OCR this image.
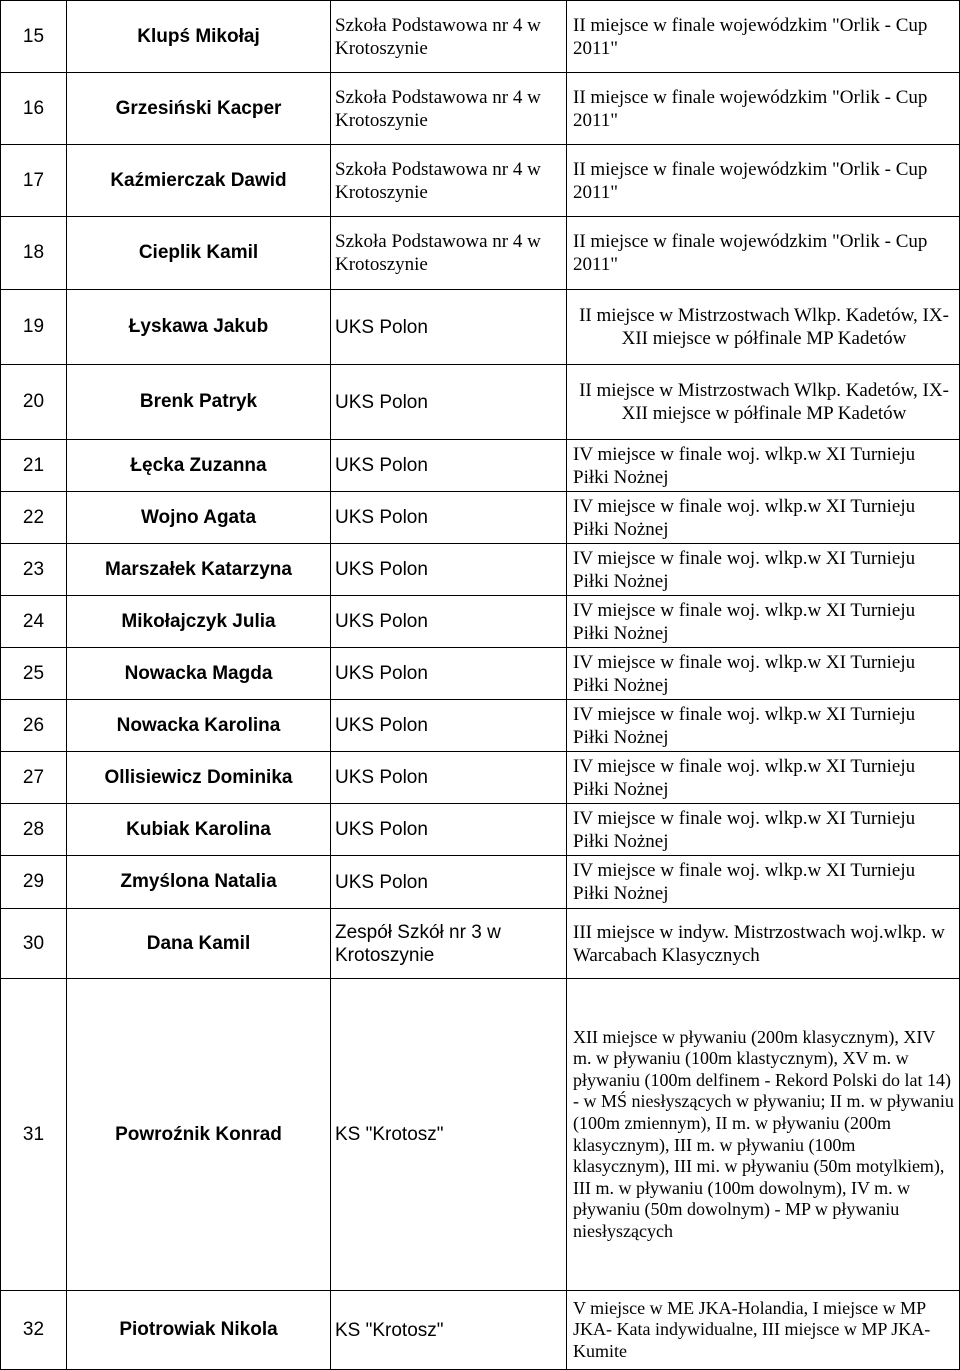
15	Klupś Mikołaj	Szkoła Podstawowa nr 4 w Krotoszynie	II miejsce w finale wojewódzkim "Orlik - Cup 2011"
16	Grzesiński Kacper	Szkoła Podstawowa nr 4 w Krotoszynie	II miejsce w finale wojewódzkim "Orlik - Cup 2011"
17	Kaźmierczak Dawid	Szkoła Podstawowa nr 4 w Krotoszynie	II miejsce w finale wojewódzkim "Orlik - Cup 2011"
18	Cieplik Kamil	Szkoła Podstawowa nr 4 w Krotoszynie	II miejsce w finale wojewódzkim "Orlik - Cup 2011"
19	Łyskawa Jakub	UKS Polon	II miejsce w Mistrzostwach Wlkp. Kadetów, IX-XII miejsce w półfinale MP Kadetów
20	Brenk Patryk	UKS Polon	II miejsce w Mistrzostwach Wlkp. Kadetów, IX-XII miejsce w półfinale MP Kadetów
21	Łęcka Zuzanna	UKS Polon	IV miejsce w finale woj. wlkp.w XI Turnieju Piłki Nożnej
22	Wojno Agata	UKS Polon	IV miejsce w finale woj. wlkp.w XI Turnieju Piłki Nożnej
23	Marszałek Katarzyna	UKS Polon	IV miejsce w finale woj. wlkp.w XI Turnieju Piłki Nożnej
24	Mikołajczyk Julia	UKS Polon	IV miejsce w finale woj. wlkp.w XI Turnieju Piłki Nożnej
25	Nowacka Magda	UKS Polon	IV miejsce w finale woj. wlkp.w XI Turnieju Piłki Nożnej
26	Nowacka Karolina	UKS Polon	IV miejsce w finale woj. wlkp.w XI Turnieju Piłki Nożnej
27	Ollisiewicz Dominika	UKS Polon	IV miejsce w finale woj. wlkp.w XI Turnieju Piłki Nożnej
28	Kubiak Karolina	UKS Polon	IV miejsce w finale woj. wlkp.w XI Turnieju Piłki Nożnej
29	Zmyślona Natalia	UKS Polon	IV miejsce w finale woj. wlkp.w XI Turnieju Piłki Nożnej
30	Dana Kamil	Zespół Szkół nr 3 w Krotoszynie	III miejsce w indyw. Mistrzostwach woj.wlkp. w Warcabach Klasycznych
31	Powroźnik Konrad	KS "Krotosz"	XII miejsce w pływaniu (200m klasycznym), XIV m. w pływaniu (100m klastycznym), XV m. w pływaniu (100m delfinem - Rekord Polski do lat 14) - w MŚ niesłyszących w pływaniu; II m. w pływaniu (100m zmiennym), II m. w pływaniu (200m klasycznym), III m. w pływaniu (100m klasycznym), III mi. w pływaniu (50m motylkiem), III m. w pływaniu (100m dowolnym), IV m. w pływaniu (50m dowolnym) - MP w pływaniu niesłyszących
32	Piotrowiak Nikola	KS "Krotosz"	V miejsce w ME JKA-Holandia, I miejsce w MP JKA- Kata indywidualne, III miejsce w MP JKA- Kumite
